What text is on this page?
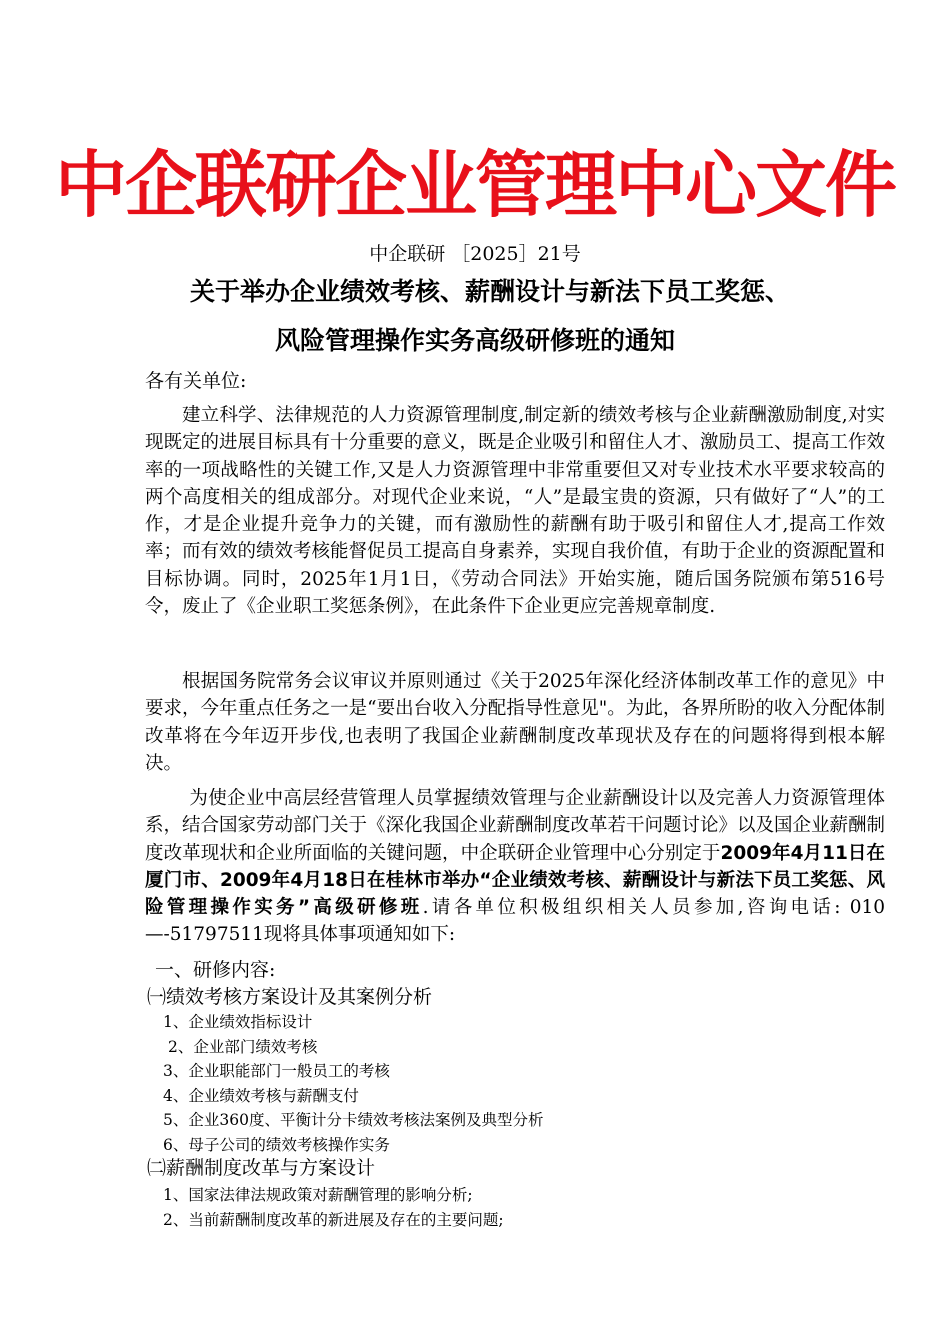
中企联研企业管理中心文件
中企联研 ［2025］21号
关于举办企业绩效考核、薪酬设计与新法下员工奖惩、
风险管理操作实务高级研修班的通知
各有关单位:

建立科学、法律规范的人力资源管理制度,制定新的绩效考核与企业薪酬激励制度,对实现既定的进展目标具有十分重要的意义，既是企业吸引和留住人才、激励员工、提高工作效率的一项战略性的关键工作,又是人力资源管理中非常重要但又对专业技术水平要求较高的两个高度相关的组成部分。对现代企业来说，“人”是最宝贵的资源，只有做好了“人”的工作，才是企业提升竞争力的关键，而有激励性的薪酬有助于吸引和留住人才,提高工作效率；而有效的绩效考核能督促员工提高自身素养，实现自我价值，有助于企业的资源配置和目标协调。同时，2025年1月1日，《劳动合同法》开始实施，随后国务院颁布第516号令，废止了《企业职工奖惩条例》，在此条件下企业更应完善规章制度.

根据国务院常务会议审议并原则通过《关于2025年深化经济体制改革工作的意见》中要求，今年重点任务之一是“要出台收入分配指导性意见"。为此，各界所盼的收入分配体制改革将在今年迈开步伐,也表明了我国企业薪酬制度改革现状及存在的问题将得到根本解决。

为使企业中高层经营管理人员掌握绩效管理与企业薪酬设计以及完善人力资源管理体系，结合国家劳动部门关于《深化我国企业薪酬制度改革若干问题讨论》以及国企业薪酬制度改革现状和企业所面临的关键问题，中企联研企业管理中心分别定于2009年4月11日在厦门市、2009年4月18日在桂林市举办“企业绩效考核、薪酬设计与新法下员工奖惩、风险管理操作实务”高级研修班.请各单位积极组织相关人员参加,咨询电话: 010—-51797511现将具体事项通知如下:

一、研修内容:
㈠绩效考核方案设计及其案例分析
1、企业绩效指标设计
2、企业部门绩效考核
3、企业职能部门一般员工的考核
4、企业绩效考核与薪酬支付
5、企业360度、平衡计分卡绩效考核法案例及典型分析
6、母子公司的绩效考核操作实务
㈡薪酬制度改革与方案设计
1、国家法律法规政策对薪酬管理的影响分析;
2、当前薪酬制度改革的新进展及存在的主要问题;
